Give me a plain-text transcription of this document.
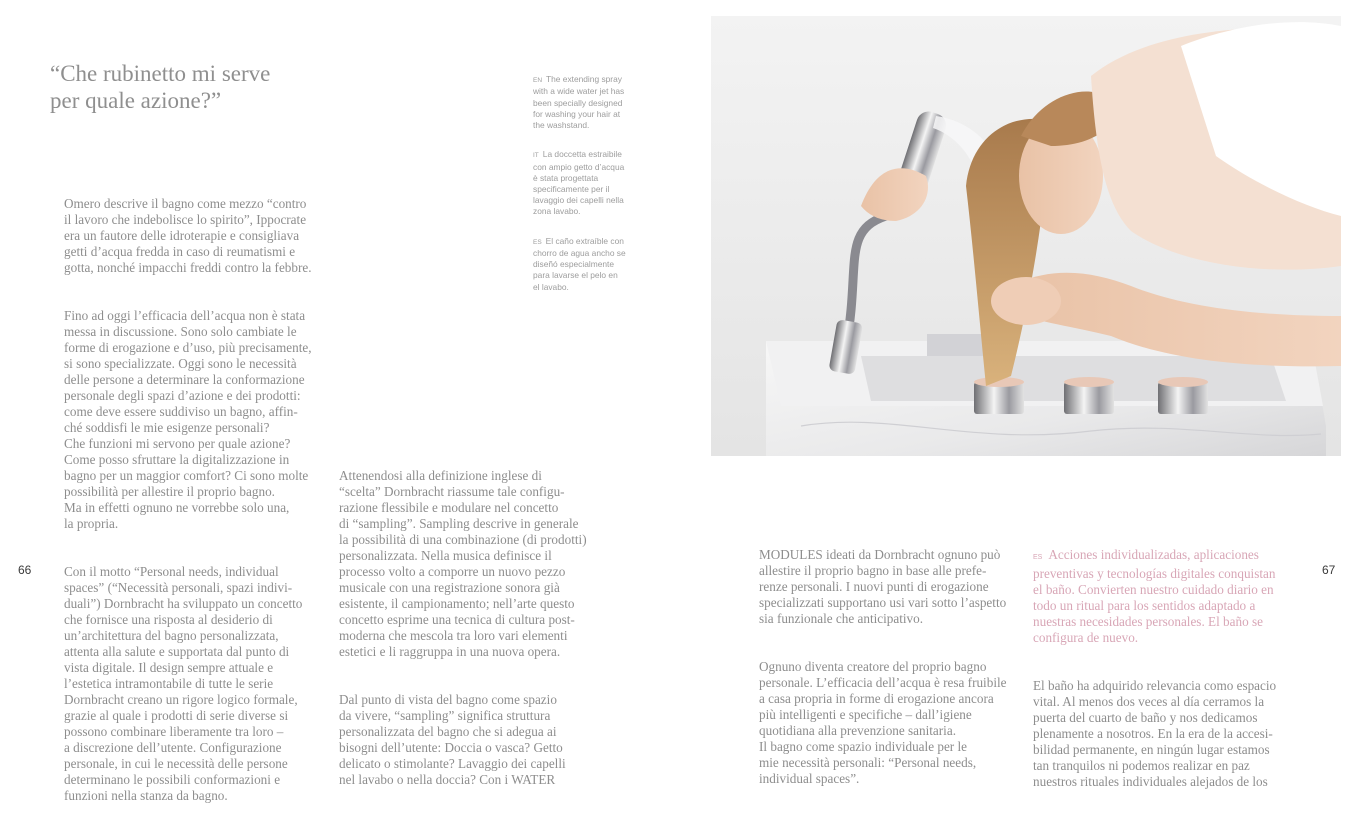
“Che rubinetto mi serve
per quale azione?”

EN The extending spray
with a wide water jet has
been specially designed
for washing your hair at
the washstand.

IT La doccetta estraibile
con ampio getto d’acqua
è stata progettata
specificamente per il
lavaggio dei capelli nella
zona lavabo.

ES El caño extraíble con
chorro de agua ancho se
diseñó especialmente
para lavarse el pelo en
el lavabo.

Omero descrive il bagno come mezzo “contro
il lavoro che indebolisce lo spirito”, Ippocrate
era un fautore delle idroterapie e consigliava
getti d’acqua fredda in caso di reumatismi e
gotta, nonché impacchi freddi contro la febbre.

Fino ad oggi l’efficacia dell’acqua non è stata
messa in discussione. Sono solo cambiate le
forme di erogazione e d’uso, più precisamente,
si sono specializzate. Oggi sono le necessità
delle persone a determinare la conformazione
personale degli spazi d’azione e dei prodotti:
come deve essere suddiviso un bagno, affin-
ché soddisfi le mie esigenze personali?
Che funzioni mi servono per quale azione?
Come posso sfruttare la digitalizzazione in
bagno per un maggior comfort? Ci sono molte
possibilità per allestire il proprio bagno.
Ma in effetti ognuno ne vorrebbe solo una,
la propria.

Con il motto “Personal needs, individual
spaces” (“Necessità personali, spazi indivi-
duali”) Dornbracht ha sviluppato un concetto
che fornisce una risposta al desiderio di
un’architettura del bagno personalizzata,
attenta alla salute e supportata dal punto di
vista digitale. Il design sempre attuale e
l’estetica intramontabile di tutte le serie
Dornbracht creano un rigore logico formale,
grazie al quale i prodotti di serie diverse si
possono combinare liberamente tra loro –
a discrezione dell’utente. Configurazione
personale, in cui le necessità delle persone
determinano le possibili conformazioni e
funzioni nella stanza da bagno.

Attenendosi alla definizione inglese di
“scelta” Dornbracht riassume tale configu-
razione flessibile e modulare nel concetto
di “sampling”. Sampling descrive in generale
la possibilità di una combinazione (di prodotti)
personalizzata. Nella musica definisce il
processo volto a comporre un nuovo pezzo
musicale con una registrazione sonora già
esistente, il campionamento; nell’arte questo
concetto esprime una tecnica di cultura post-
moderna che mescola tra loro vari elementi
estetici e li raggruppa in una nuova opera.

Dal punto di vista del bagno come spazio
da vivere, “sampling” significa struttura
personalizzata del bagno che si adegua ai
bisogni dell’utente: Doccia o vasca? Getto
delicato o stimolante? Lavaggio dei capelli
nel lavabo o nella doccia? Con i WATER

66

MODULES ideati da Dornbracht ognuno può
allestire il proprio bagno in base alle prefe-
renze personali. I nuovi punti di erogazione
specializzati supportano usi vari sotto l’aspetto
sia funzionale che anticipativo.

Ognuno diventa creatore del proprio bagno
personale. L’efficacia dell’acqua è resa fruibile
a casa propria in forme di erogazione ancora
più intelligenti e specifiche – dall’igiene
quotidiana alla prevenzione sanitaria.
Il bagno come spazio individuale per le
mie necessità personali: “Personal needs,
individual spaces”.

ES Acciones individualizadas, aplicaciones
preventivas y tecnologías digitales conquistan
el baño. Convierten nuestro cuidado diario en
todo un ritual para los sentidos adaptado a
nuestras necesidades personales. El baño se
configura de nuevo.

El baño ha adquirido relevancia como espacio
vital. Al menos dos veces al día cerramos la
puerta del cuarto de baño y nos dedicamos
plenamente a nosotros. En la era de la accesi-
bilidad permanente, en ningún lugar estamos
tan tranquilos ni podemos realizar en paz
nuestros rituales individuales alejados de los

67
